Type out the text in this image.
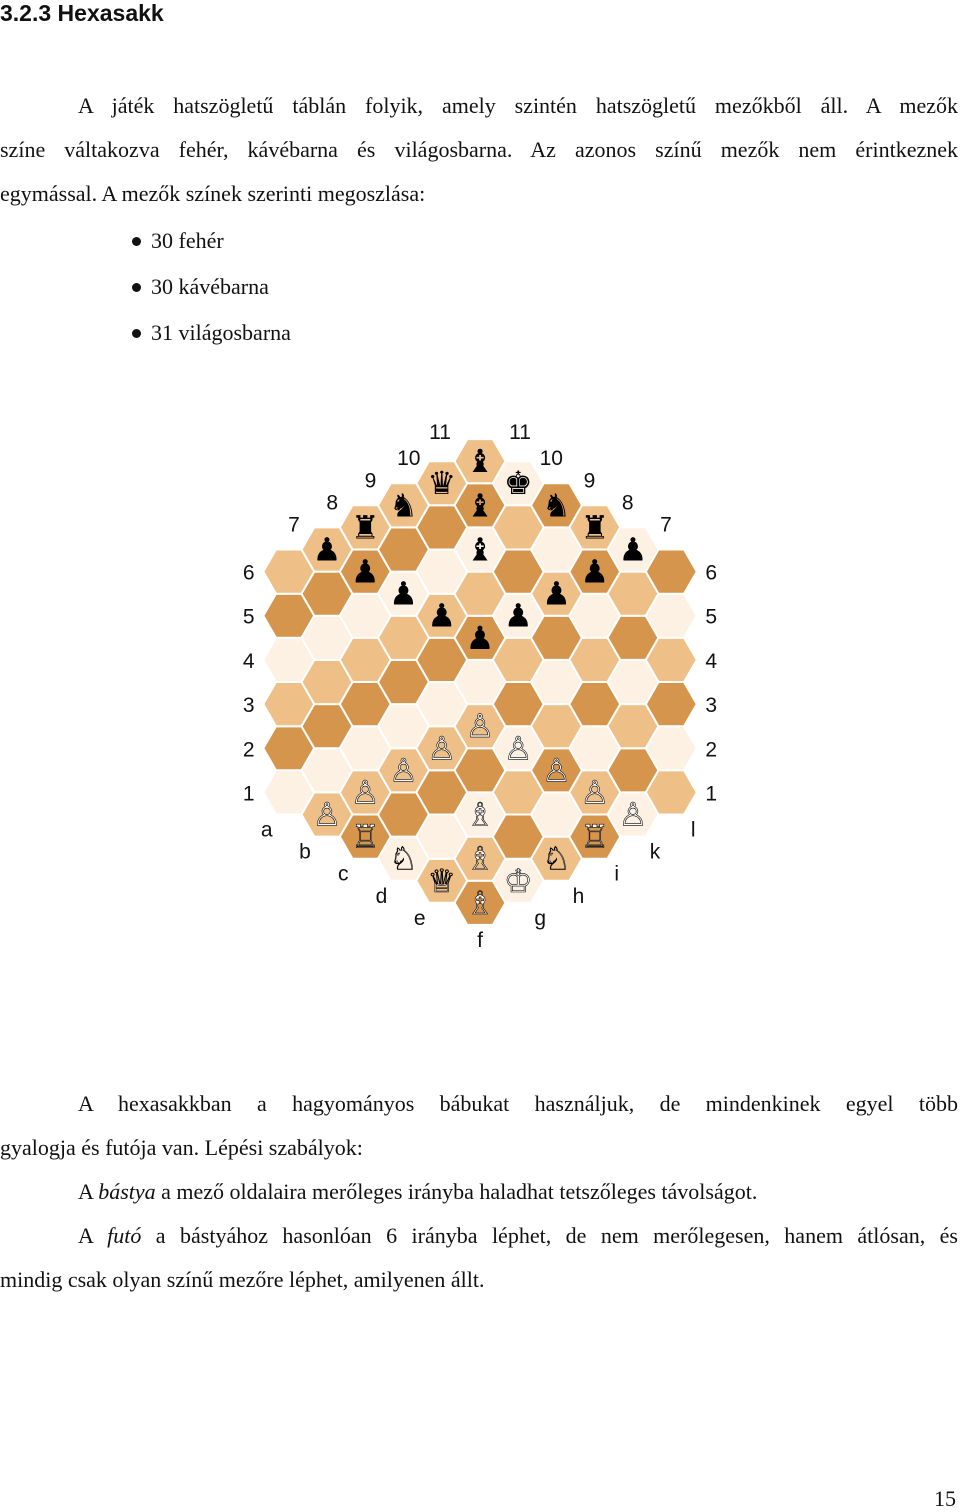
3.2.3 Hexasakk
A játék hatszögletű táblán folyik, amely szintén hatszögletű mezőkből áll. A mezők
színe váltakozva fehér, kávébarna és világosbarna. Az azonos színű mezők nem érintkeznek
egymással. A mezők színek szerinti megoszlása:
30 fehér
30 kávébarna
31 világosbarna
a
b
c
d
e
f
g
h
i
k
l
1	1
2	2
3	3
4	4
5	5
6	6
7	7
8	8
9	9
10	10
11	11
♙
♙
♙
♙
♙
♙
♙
♙
♙
♖	♖
♘	♘
♕ ♔
♗
♗
♗
♟
♟
♟
♟
♟
♟
♟
♟
♟
♜	♜
♞	♞
♛ ♚
♝
♝
♝
A hexasakkban a hagyományos bábukat használjuk, de mindenkinek egyel több
gyalogja és futója van. Lépési szabályok:
A bástya a mező oldalaira merőleges irányba haladhat tetszőleges távolságot.
A futó a bástyához hasonlóan 6 irányba léphet, de nem merőlegesen, hanem átlósan, és
mindig csak olyan színű mezőre léphet, amilyenen állt.
15
